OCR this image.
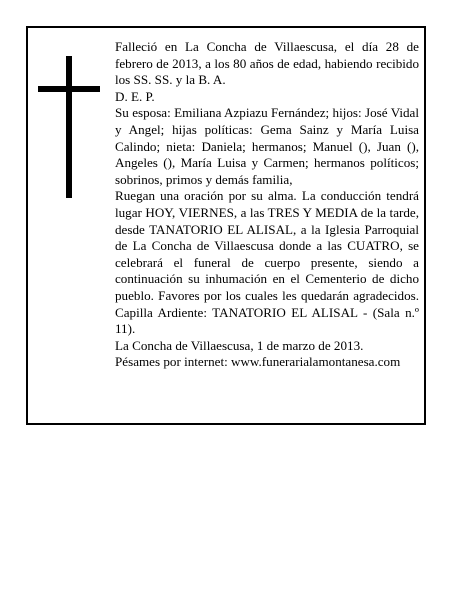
Falleció en La Concha de Villaescusa, el día 28 de febrero de 2013, a los 80 años de edad, habiendo recibido los SS. SS. y la B. A.

D. E. P.

Su esposa: Emiliana Azpiazu Fernández; hijos: José Vidal y Angel; hijas políticas: Gema Sainz y María Luisa Calindo; nieta: Daniela; hermanos; Manuel (), Juan (), Angeles (), María Luisa y Carmen; hermanos políticos; sobrinos, primos y demás familia,

Ruegan una oración por su alma. La conducción tendrá lugar HOY, VIERNES, a las TRES Y MEDIA de la tarde, desde TANATORIO EL ALISAL, a la Iglesia Parroquial de La Concha de Villaescusa donde a las CUATRO, se celebrará el funeral de cuerpo presente, siendo a continuación su inhumación en el Cementerio de dicho pueblo. Favores por los cuales les quedarán agradecidos. Capilla Ardiente: TANATORIO EL ALISAL - (Sala n.º 11).

La Concha de Villaescusa, 1 de marzo de 2013.

Pésames por internet: www.funerarialamontanesa.com
